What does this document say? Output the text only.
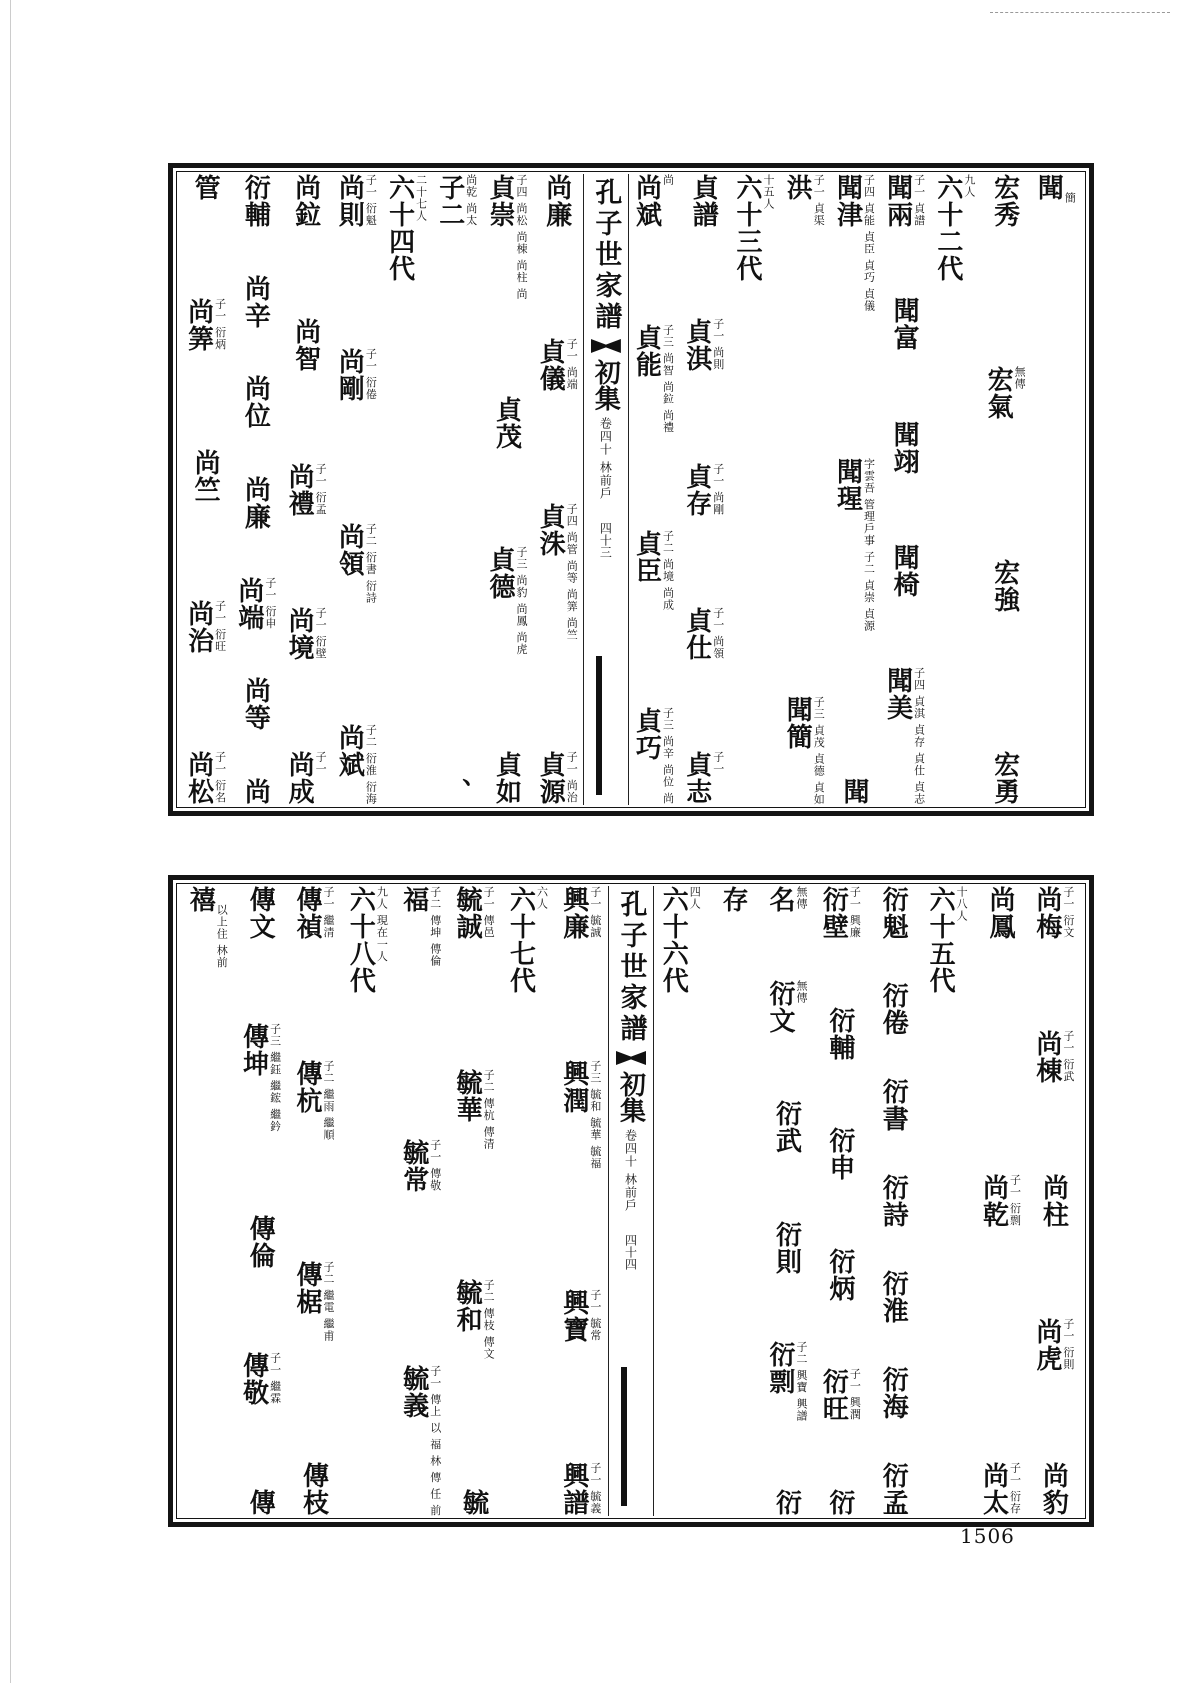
聞 簡
宏秀
宏氣 無傳
宏強
宏勇
六十二代 九人
聞兩 子一 貞譜
聞富
聞翊
聞椅
聞美 子四 貞淇 貞存 貞仕 貞志
聞津 子四 貞能 貞臣 貞巧 貞儀
聞瑆 字雲吾 管理戶事 子二 貞崇 貞源
聞
洪 子一 貞渠
聞簡 子三 貞茂 貞德 貞如
六十三代 十五人
貞譜
貞淇 子一 尚則
貞存 子一 尚剛
貞仕 子一 尚領
貞志 子一
尚斌 尚
貞能 子三 尚智 尚鉝 尚禮
貞臣 子二 尚境 尚成
貞巧 子三 尚辛 尚位 尚
孔子世家譜
初集
卷四十 林前戶
四十三
尚廉
貞儀 子一 尚端
貞洙 子四 尚管 尚等 尚筭 尚竺
貞源 子一 尚治
貞崇 子四 尚松 尚棟 尚柱 尚
貞茂
貞德 子三 尚豹 尚鳳 尚虎
貞如
子二 尚乾 尚太
、
六十四代 二十七人
尚則 子一 衍魁
尚剛 子一 衍倦
尚領 子二 衍書 衍詩
尚斌 子二 衍淮 衍海
尚鉝
尚智
尚禮 子一 衍孟
尚境 子一 衍壁
尚成 子一
衍輔
尚辛
尚位
尚廉
尚端 子一 衍申
尚等
尚
管
尚筭 子一 衍炳
尚竺
尚治 子一 衍旺
尚松 子一 衍名
尚梅 子一 衍文
尚棟 子一 衍武
尚柱
尚虎 子一 衍則
尚豹
尚鳳
尚乾 子一 衍剽
尚太 子一 衍存
六十五代 十八人
衍魁
衍倦
衍書
衍詩
衍淮
衍海
衍孟
衍壁 子一 興廉
衍輔
衍申
衍炳
衍旺 子一 興潤
衍
名 無傳
衍文 無傳
衍武
衍則
衍剽 子二 興寶 興譜
衍
存
六十六代 四人
孔子世家譜
初集
卷四十 林前戶
四十四
興廉 子一 毓誠
興潤 子三 毓和 毓華 毓福
興寶 子一 毓常
興譜 子一 毓義
六十七代 六人
毓誠 子一 傳邑
毓華 子二 傳杭 傳清
毓和 子二 傳枝 傳文
毓
福 子二 傳坤 傳倫
毓常 子一 傳敬
毓義 子一 傳上 以 福 林 傳 任 前
六十八代 九人 現在一人
傳禎 子一 繼清
傳杭 子二 繼雨 繼順
傳椐 子二 繼電 繼甫
傳枝
傳文
傳坤 子三 繼鈺 繼鋐 繼鈐
傳倫
傳敬 子一 繼霖
傳
禧
以上住 林前
1506
